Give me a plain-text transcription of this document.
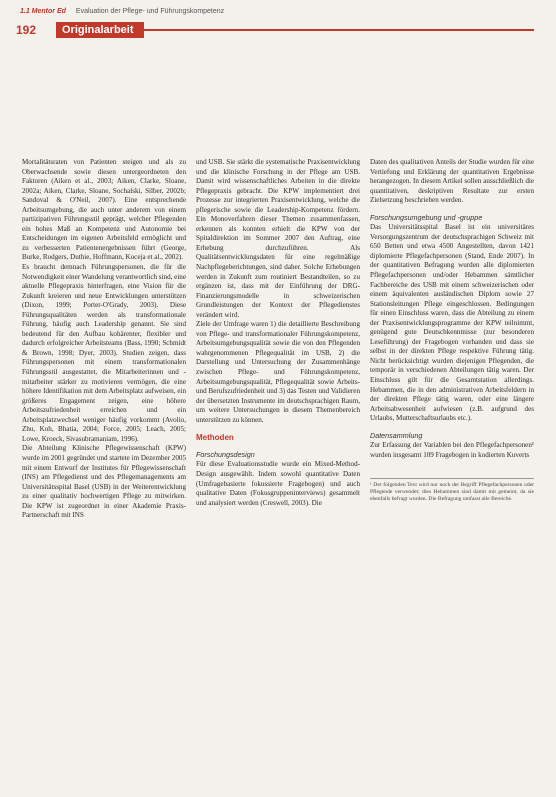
1.1 Mentor Ed Evaluation der Pflege- und Führungskompetenz
192	Originalarbeit

Mortalitätsraten von Patienten steigen und als zu Oberwachsende sowie diesen untergeordneten den Faktoren (Aiken et al., 2003; Aiken, Clarke, Sloane, 2002a; Aiken, Clarke, Sloane, Sochalski, Silber, 2002b; Sandoval & O'Neil, 2007). Eine entsprechende Arbeitsumgebung, die auch unter anderem von einem partizipativen Führungsstil geprägt, welcher Pflegenden ein hohes Maß an Kompetenz und Autonomie bei Entscheidungen im eigenen Arbeitsfeld ermöglicht und zu verbesserten Patientenergebnissen führt (George, Burke, Rodgers, Duthie, Hoffmann, Koceja et al., 2002).

Es braucht demnach Führungspersonen, die für die Notwendigkeit einer Wandelung verantwortlich sind, eine aktuelle Pflegepraxis hinterfragen, eine Vision für die Zukunft kreieren und neue Entwicklungen unterstützen (Dixon, 1999; Porter-O'Grady, 2003). Diese Führungsqualitäten werden als transformationale Führung, häufig auch Leadership genannt. Sie sind bedeutend für den Aufbau kohärenter, flexibler und dadurch erfolgreicher Arbeitsteams (Bass, 1990; Schmidt & Brown, 1998; Dyer, 2003). Studien zeigen, dass Führungspersonen mit einem transformationalen Führungsstil ausgestattet, die Mitarbeiterinnen und -mitarbeiter stärker zu motivieren vermögen, die eine höhere Identifikation mit dem Arbeitsplatz aufweisen, ein größeres Engagement zeigen, eine höhere Arbeitszufriedenheit erreichen und ein Arbeitsplatzwechsel weniger häufig vorkommt (Avolio, Zhu, Koh, Bhatia, 2004; Force, 2005; Leach, 2005; Lowe, Kroeck, Sivasubramaniam, 1996).

Die Abteilung Klinische Pflegewissenschaft (KPW) wurde im 2001 gegründet und startete im Dezember 2005 mit einem Entwurf der Institutes für Pflegewissenschaft (INS) am Pflegedienst und des Pflegemanagements am Universitätsspital Basel (USB) in der Weiterentwicklung zu einer qualitativ hochwertigen Pflege zu mitwirken. Die KPW ist zugeordnet in einer Akademie Praxis-Partnerschaft mit INS

und USB. Sie stärkt die systematische Praxisentwicklung und die klinische Forschung in der Pflege am USB. Damit wird wissenschaftliches Arbeiten in die direkte Pflegepraxis gebracht. Die KPW implementiert drei Prozesse zur integrierten Praxisentwicklung, welche die pflegerische sowie die Leadership-Kompetenz fördern. Ein Monoverfahren dieser Themen zusammenfassen, erkennen als konnten erhielt die KPW von der Spitaldirektion im Sommer 2007 den Auftrag, eine Erhebung durchzuführen. Als Qualitätsentwicklungsdaten für eine regelmäßige Nachpflegeberichtungen, sind daher. Solche Erhebungen werden in Zukunft zum routiniert Bestandteilen, so zu ergänzen ist, dass mit der Einführung der DRG-Finanzierungsmodelle in schweizerischen Grundleistungen der Kontext der Pflegedienstes verändert wird.

Ziele der Umfrage waren 1) die detaillierte Beschreibung von Pflege- und transformationaler Führungskompetenz, Arbeitsumgebungsqualität sowie die von den Pflegenden wahrgenommenen Pflegequalität im USB, 2) die Darstellung und Untersuchung der Zusammenhänge zwischen Pflege- und Führungskompetenz, Arbeitsumgebungsqualität, Pflegequalität sowie Arbeits- und Berufszufriedenheit und 3) das Testen und Validieren der übersetzten Instrumente im deutschsprachigen Raum, um weitere Untersuchungen in diesem Themenbereich unterstützen zu können.

Methoden
Forschungsdesign

Für diese Evaluationsstudie wurde ein Mixed-Method-Design ausgewählt. Indem sowohl quantitative Daten (Umfragebasierte fokussierte Fragebogen) und auch qualitative Daten (Fokusgruppeninterviews) gesammelt und analysiert werden (Creswell, 2003). Die

Daten des qualitativen Anteils der Studie wurden für eine Vertiefung und Erklärung der quantitativen Ergebnisse herangezogen. In diesem Artikel sollen ausschließlich die quantitativen, deskriptiven Resultate zur ersten Zielsetzung beschrieben werden.

Forschungsumgebung und -gruppe

Das Universitätsspital Basel ist ein universitäres Versorgungszentrum der deutschsprachigen Schweiz mit 650 Betten und etwa 4500 Angestellten, davon 1421 diplomierte Pflegefachpersonen (Stand, Ende 2007). In der quantitativen Befragung wurden alle diplomierten Pflegefachpersonen und/oder Hebammen sämtlicher Fachbereiche des USB mit einem schweizerischen oder einem äquivalenten ausländischen Diplom sowie 27 Stationsleitungen Pflege eingeschlossen. Bedingungen für einen Einschluss waren, dass die Abteilung zu einem der Praxisentwicklungsprogramme der KPW teilnimmt, genügend gute Deutschkenntnisse (zur besonderen Leseführung) der Fragebogen vorhanden und dass sie selbst in der direkten Pflege respektive Führung tätig. Nicht berücksichtigt wurden diejenigen Pflegenden, die temporär in verschiedenen Abteilungen tätig waren. Der Einschluss gilt für die Gesamtstation allerdings. Hebammen, die in den administrativen Arbeitsfeldern in der direkten Pflege tätig waren, oder eine längere Arbeitsabwesenheit aufwiesen (z.B. aufgrund des Urlaubs, Mutterschaftsurlaubs etc.).

Datensammlung

Zur Erfassung der Variablen bei den Pflegefachpersonen¹ wurden insgesamt 109 Fragebogen in kodierten Kuverts

¹ Der folgenden Text wird nur noch der Begriff Pflegefachpersonen oder Pflegende verwendet; dies Hebammen sind damit mit gemeint, da sie ebenfalls befragt wurden. Die Befragung umfasst alle Bereiche.
